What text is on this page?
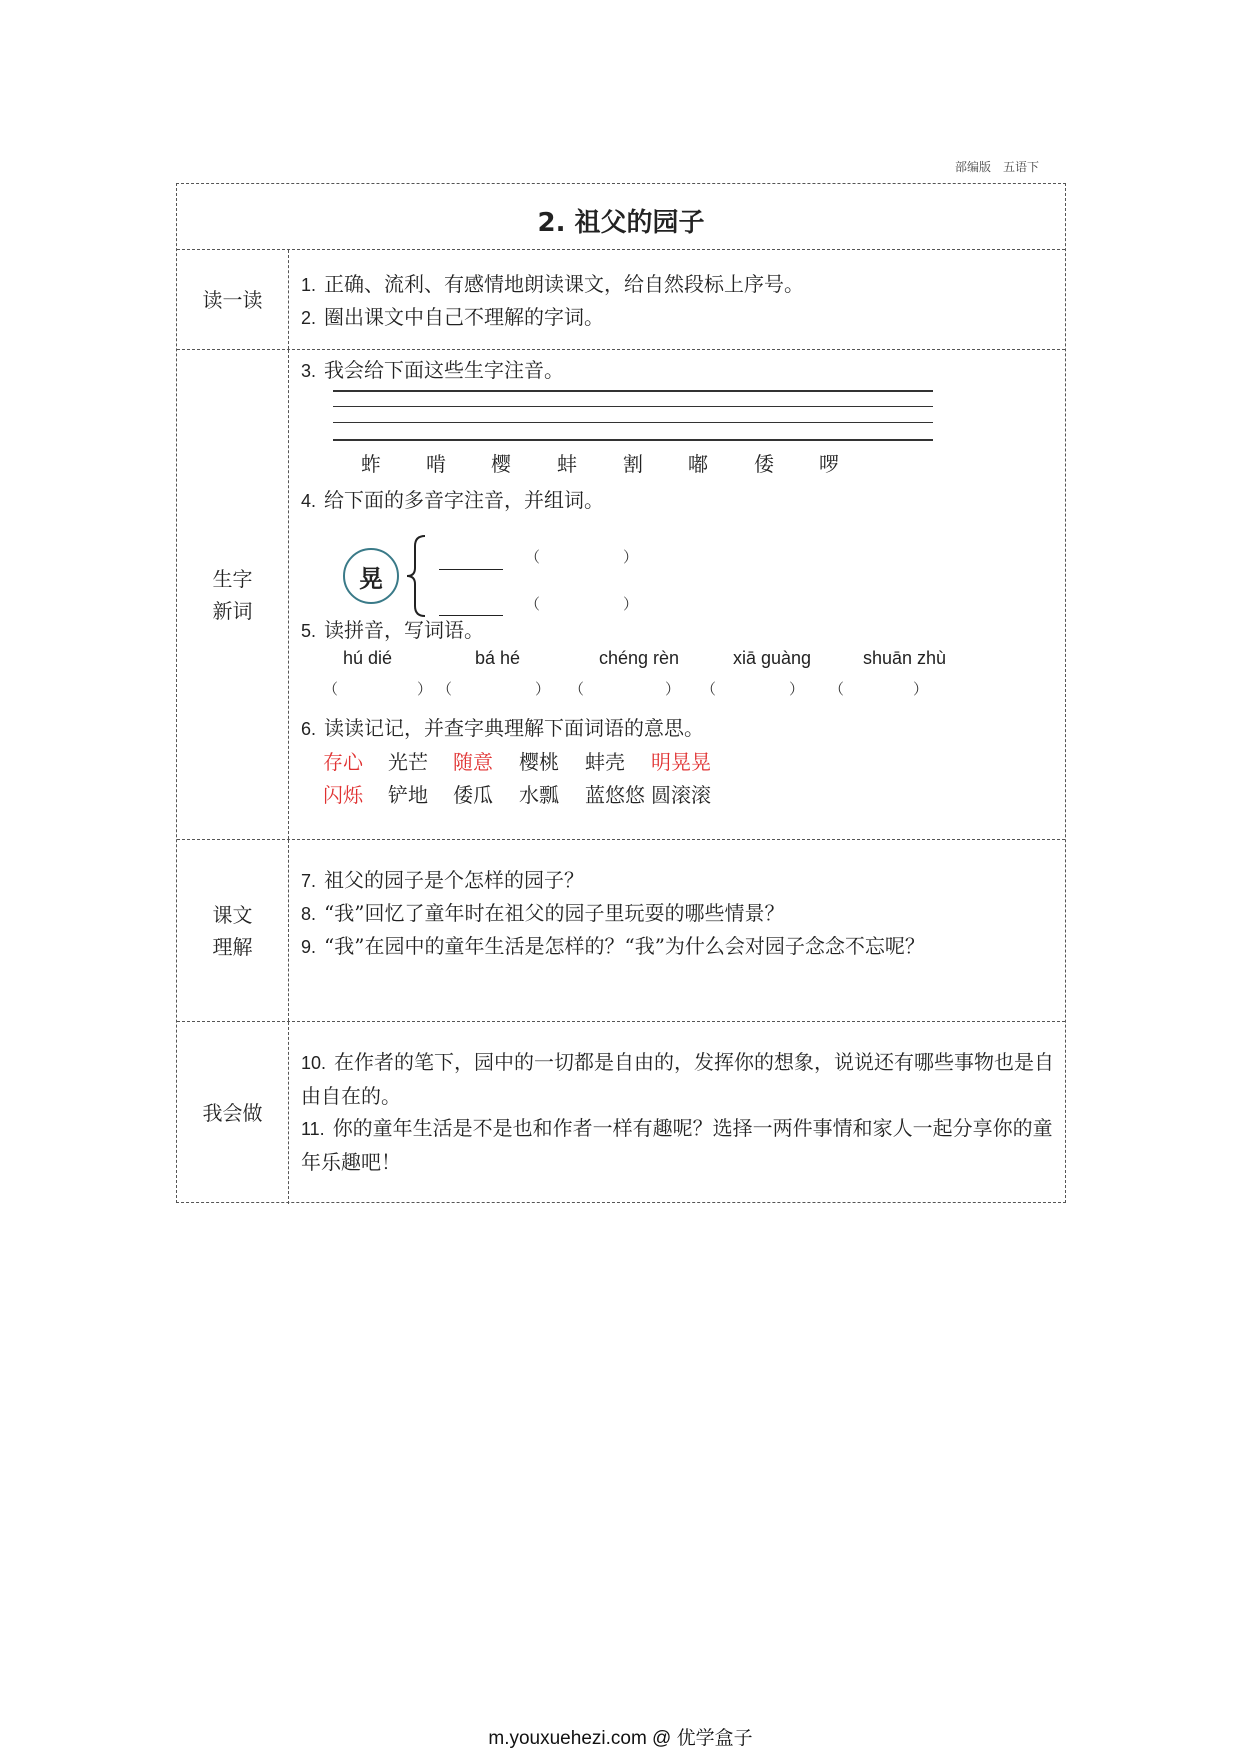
部编版 五语下
2. 祖父的园子
读一读
1. 正确、流利、有感情地朗读课文，给自然段标上序号。
2. 圈出课文中自己不理解的字词。
生字
新词
3. 我会给下面这些生字注音。
蚱 啃 樱 蚌 割 嘟 倭 啰
4. 给下面的多音字注音，并组词。
晃
（
	）
（
	）
5. 读拼音，写词语。
hú dié	bá hé	chéng rèn	xiā guàng	shuān zhù
（	） （	） （	） （	） （	）
6. 读读记记，并查字典理解下面词语的意思。
存心 光芒 随意 樱桃 蚌壳 明晃晃
闪烁 铲地 倭瓜 水瓢 蓝悠悠 圆滚滚
课文
理解
7. 祖父的园子是个怎样的园子？
8. “我”回忆了童年时在祖父的园子里玩耍的哪些情景？
9. “我”在园中的童年生活是怎样的？“我”为什么会对园子念念不忘呢？
我会做
10. 在作者的笔下，园中的一切都是自由的，发挥你的想象，说说还有哪些事物也是自由自在的。
11. 你的童年生活是不是也和作者一样有趣呢？选择一两件事情和家人一起分享你的童年乐趣吧！
m.youxuehezi.com @ 优学盒子
